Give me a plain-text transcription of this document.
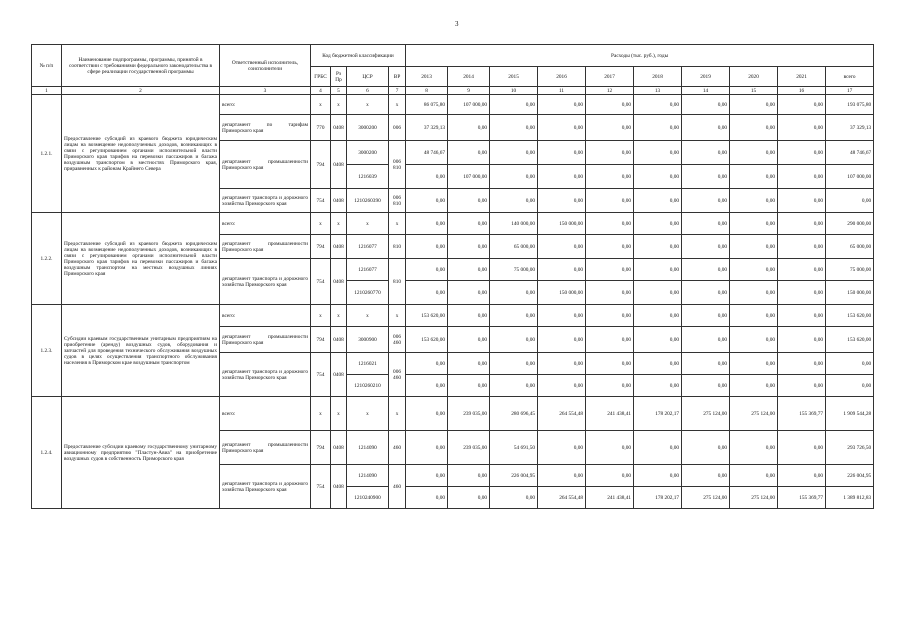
3
№ п/п	Наименование подпрограммы, программы, принятой в соответствии с требованиями федерального законодательства в сфере реализации государственной программы	Ответственный исполнитель, соисполнители	Код бюджетной классификации				Расходы (тыс. руб.), годы									
			ГРБС	Рз Пр	ЦСР	ВР	2013	2014	2015	2016	2017	2018	2019	2020	2021	всего
1	2	3	4	5	6	7	8	9	10	11	12	13	14	15	16	17
1.2.1.	Предоставление субсидий из краевого бюджета юридическим лицам на возмещение недополученных доходов, возникающих в связи с регулированием органами исполнительной власти Приморского края тарифов на перевозки пассажиров и багажа воздушным транспортом в местностях Приморского края, приравненных к районам Крайнего Севера	всего:	х	х	х	х	86 075,80	107 000,00	0,00	0,00	0,00	0,00	0,00	0,00	0,00	193 075,80
		департамент по тарифам Приморского края	770	0408	3000200	006	37 329,13	0,00	0,00	0,00	0,00	0,00	0,00	0,00	0,00	37 329,13
		департамент промышленности Приморского края	794	0408	3000200	006 810	48 746,67	0,00	0,00	0,00	0,00	0,00	0,00	0,00	0,00	48 746,67
					1216039		0,00	107 000,00	0,00	0,00	0,00	0,00	0,00	0,00	0,00	107 000,00
		департамент транспорта и дорожного хозяйства Приморского края	754	0408	1210260390	006 810	0,00	0,00	0,00	0,00	0,00	0,00	0,00	0,00	0,00	0,00
1.2.2.	Предоставление субсидий из краевого бюджета юридическим лицам на возмещение недополученных доходов, возникающих в связи с регулированием органами исполнительной власти Приморского края тарифов на перевозки пассажиров и багажа воздушным транспортом на местных воздушных линиях Приморского края	всего:	х	х	х	х	0,00	0,00	140 000,00	150 000,00	0,00	0,00	0,00	0,00	0,00	290 000,00
		департамент промышленности Приморского края	794	0408	1216077	810	0,00	0,00	65 000,00	0,00	0,00	0,00	0,00	0,00	0,00	65 000,00
		департамент транспорта и дорожного хозяйства Приморского края	754	0408	1216077	810	0,00	0,00	75 000,00	0,00	0,00	0,00	0,00	0,00	0,00	75 000,00
					1210260770		0,00	0,00	0,00	150 000,00	0,00	0,00	0,00	0,00	0,00	150 000,00
1.2.3.	Субсидии краевым государственным унитарным предприятиям на приобретение (аренду) воздушных судов, оборудования и запчастей для проведения технического обслуживания воздушных судов в целях осуществления транспортного обслуживания населения в Приморском крае воздушным транспортом	всего:	х	х	х	х	153 620,00	0,00	0,00	0,00	0,00	0,00	0,00	0,00	0,00	153 620,00
		департамент промышленности Приморского края	794	0408	3000900	006 460	153 620,00	0,00	0,00	0,00	0,00	0,00	0,00	0,00	0,00	153 620,00
		департамент транспорта и дорожного хозяйства Приморского края	754	0408	1216021	006 460	0,00	0,00	0,00	0,00	0,00	0,00	0,00	0,00	0,00	0,00
					1210260210		0,00	0,00	0,00	0,00	0,00	0,00	0,00	0,00	0,00	0,00
1.2.4.	Предоставление субсидии краевому государственному унитарному авиационному предприятию "Пластун-Авиа" на приобретение воздушных судов в собственность Приморского края	всего:	х	х	х	х	0,00	239 035,00	280 696,45	264 554,48	241 438,41	178 202,17	275 124,00	275 124,00	155 369,77	1 909 544,28
		департамент промышленности Приморского края	794	0408	1214090	460	0,00	239 035,00	54 691,50	0,00	0,00	0,00	0,00	0,00	0,00	293 726,50
		департамент транспорта и дорожного хозяйства Приморского края	754	0408	1214090	460	0,00	0,00	226 004,95	0,00	0,00	0,00	0,00	0,00	0,00	226 004,95
					1210240900		0,00	0,00	0,00	264 554,48	241 438,41	178 202,17	275 124,00	275 124,00	155 369,77	1 389 812,83
